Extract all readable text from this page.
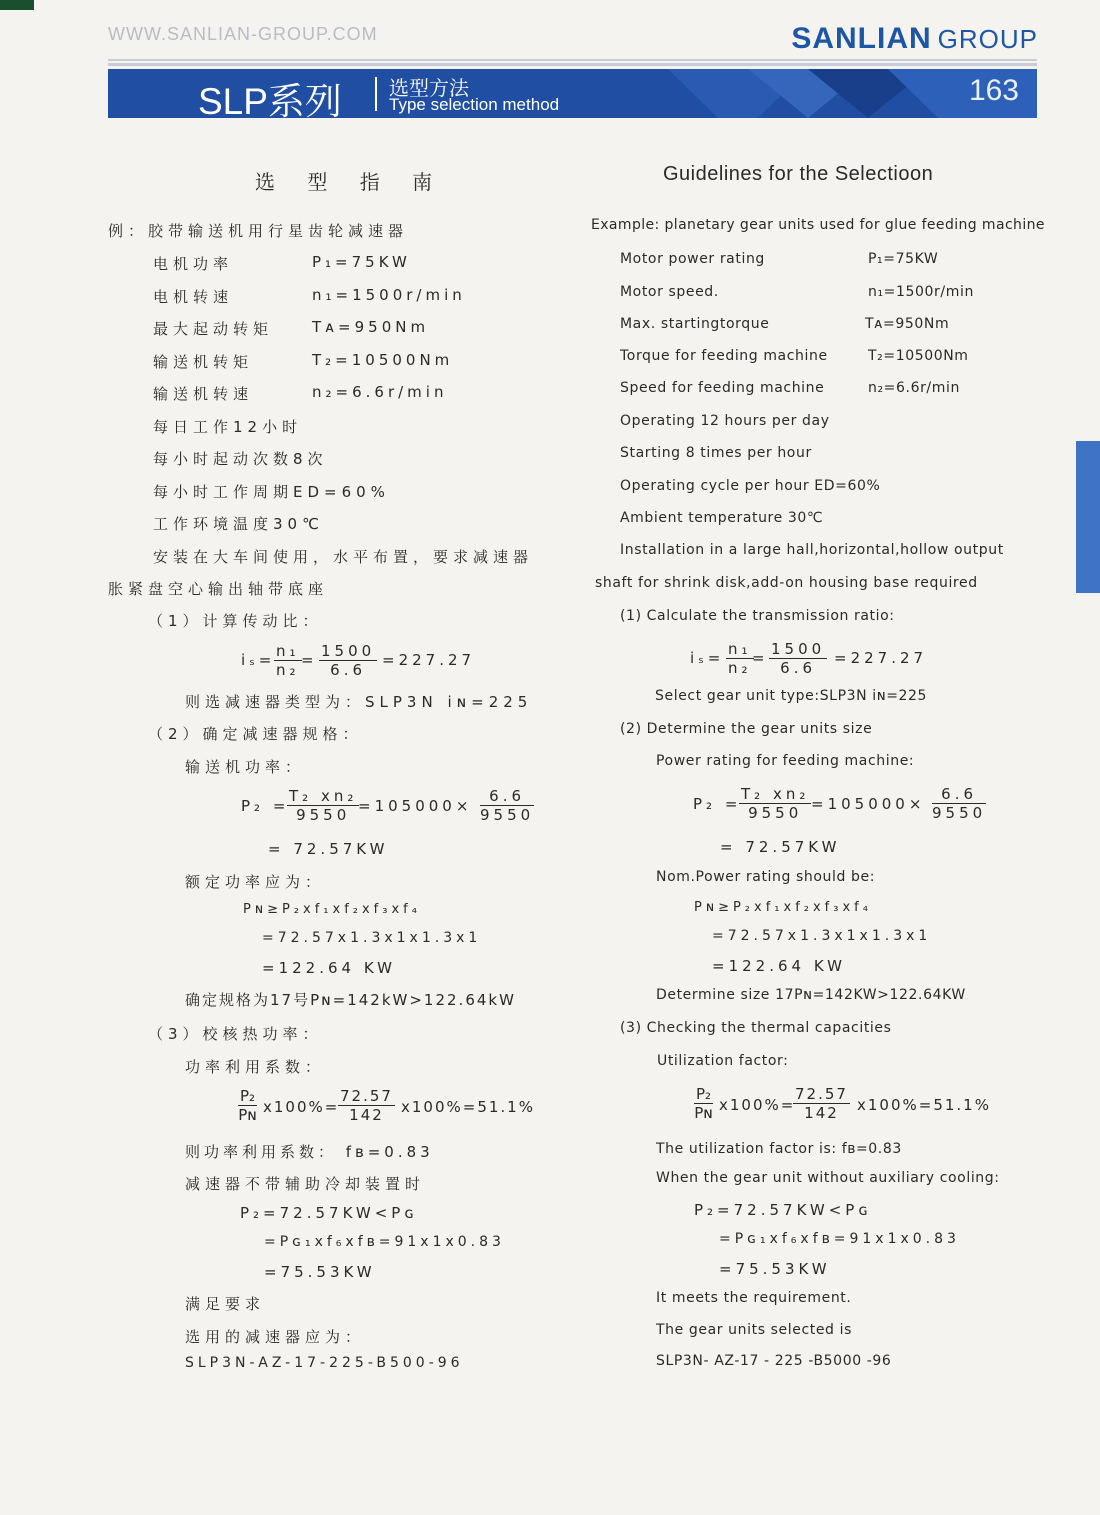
WWW.SANLIAN-GROUP.COM	SANLIAN GROUP
SLP系列 选型方法
Type selection method	163
选 型 指 南
例：胶带输送机用行星齿轮减速器
电机功率	P₁=75KW
电机转速	n₁=1500r/min
最大起动转矩	Tᴀ=950Nm
输送机转矩	T₂=10500Nm
输送机转速	n₂=6.6r/min
每日工作12小时
每小时起动次数8次
每小时工作周期ED=60%
工作环境温度30℃
安装在大车间使用，水平布置，要求减速器
胀紧盘空心输出轴带底座
（1）计算传动比：
iₛ=
$\frac{\text{n₁}}{\text{n₂}} = \frac{1500}{6.6} =227.27$
则选减速器类型为：SLP3N iɴ=225
（2）确定减速器规格：
输送机功率：
P₂ =
$\frac{\text{T₂ xn₂}}{9550}$
$=105000\times \frac{6.6}{9550}$
= 72.57KW
额定功率应为：
Pɴ≥P₂xf₁xf₂xf₃xf₄
=72.57x1.3x1x1.3x1
=122.64 KW
确定规格为17号Pɴ=142kW>122.64kW
（3）校核热功率：
功率利用系数：
$\frac{\text{P₂}}{\text{Pɴ}} x100\%=$
$\frac{72.57}{142} x100\%=51.1\%$
则功率利用系数： fʙ=0.83
减速器不带辅助冷却装置时
P₂=72.57KW<Pɢ
=Pɢ₁xf₆xfʙ=91x1x0.83
=75.53KW
满足要求
选用的减速器应为：
SLP3N-AZ-17-225-B500-96
Guidelines for the Selectioon
Example: planetary gear units used for glue feeding machine
Motor power rating	P₁=75KW
Motor speed.	n₁=1500r/min
Max. startingtorque	Tᴀ=950Nm
Torque for feeding machine	T₂=10500Nm
Speed for feeding machine	n₂=6.6r/min
Operating 12 hours per day
Starting 8 times per hour
Operating cycle per hour ED=60%
Ambient temperature 30℃
Installation in a large hall,horizontal,hollow output
shaft for shrink disk,add-on housing base required
(1) Calculate the transmission ratio:
$i_s= \frac{\text{n₁}}{\text{n₂}}$
= $\frac{1500}{6.6} =227.27$
Select gear unit type:SLP3N iɴ=225
(2) Determine the gear units size
Power rating for feeding machine:
P₂ =
$\frac{\text{T₂ xn₂}}{9550} =105000\times \frac{6.6}{9550}$
= 72.57KW
Nom.Power rating should be:
Pɴ≥P₂xf₁xf₂xf₃xf₄
=72.57x1.3x1x1.3x1
=122.64 KW
Determine size 17Pɴ=142KW>122.64KW
(3) Checking the thermal capacities
Utilization factor:
$\frac{\text{P₂}}{\text{Pɴ}} x100\%=$
$\frac{72.57}{142} x100\%=51.1\%$
The utilization factor is: fʙ=0.83
When the gear unit without auxiliary cooling:
P₂=72.57KW<Pɢ
=Pɢ₁xf₆xfʙ=91x1x0.83
=75.53KW
It meets the requirement.
The gear units selected is
SLP3N- AZ-17 - 225 -B5000 -96
